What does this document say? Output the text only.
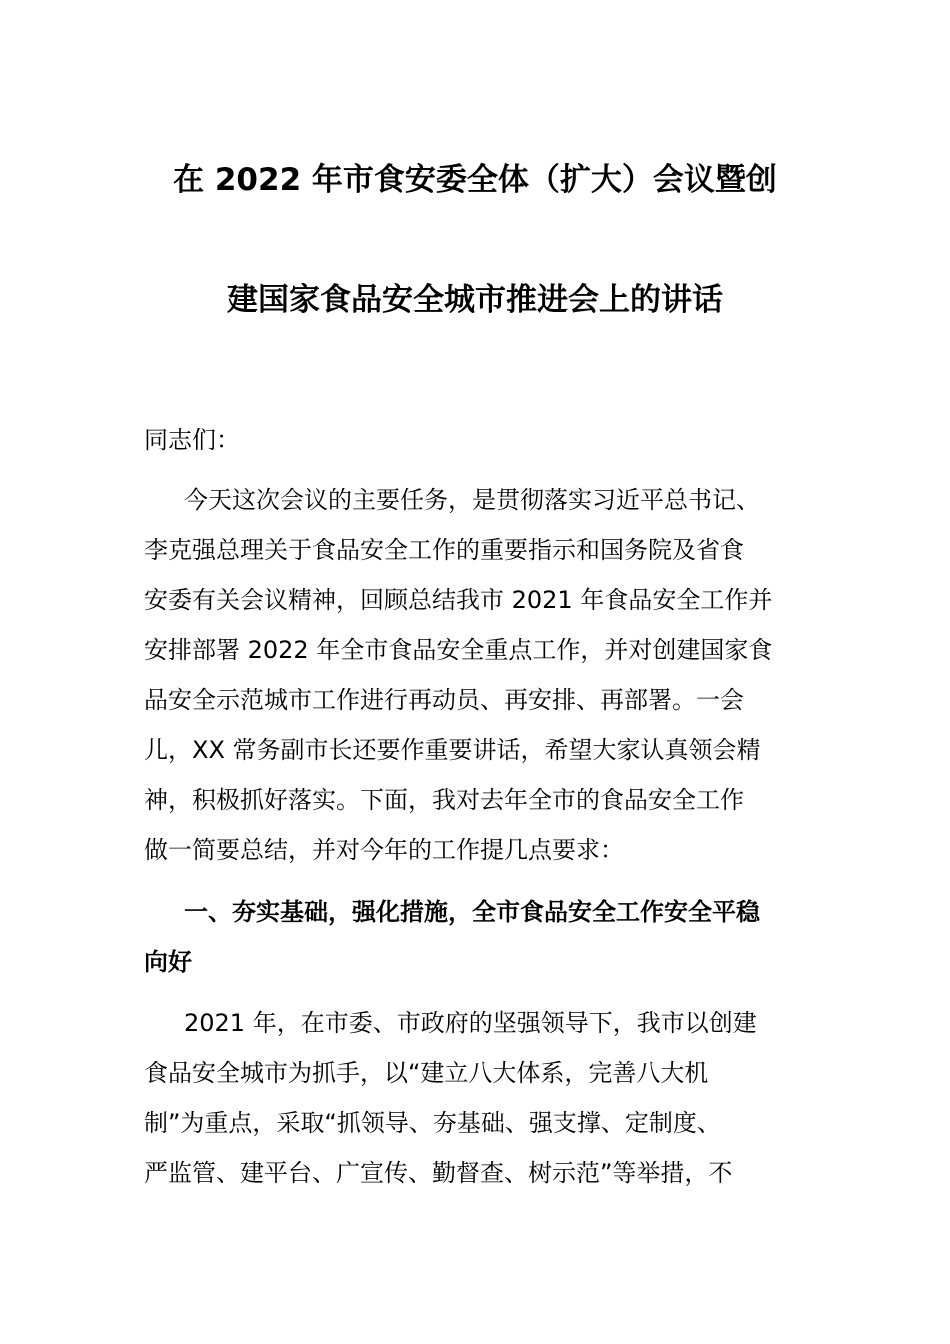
在 2022 年市食安委全体（扩大）会议暨创
建国家食品安全城市推进会上的讲话
同志们：
今天这次会议的主要任务，是贯彻落实习近平总书记、
李克强总理关于食品安全工作的重要指示和国务院及省食
安委有关会议精神，回顾总结我市 2021 年食品安全工作并
安排部署 2022 年全市食品安全重点工作，并对创建国家食
品安全示范城市工作进行再动员、再安排、再部署。一会
儿，XX 常务副市长还要作重要讲话，希望大家认真领会精
神，积极抓好落实。下面，我对去年全市的食品安全工作
做一简要总结，并对今年的工作提几点要求：
一、夯实基础，强化措施，全市食品安全工作安全平稳
向好
2021 年，在市委、市政府的坚强领导下，我市以创建
食品安全城市为抓手，以“建立八大体系，完善八大机
制”为重点，采取“抓领导、夯基础、强支撑、定制度、
严监管、建平台、广宣传、勤督查、树示范”等举措，不
